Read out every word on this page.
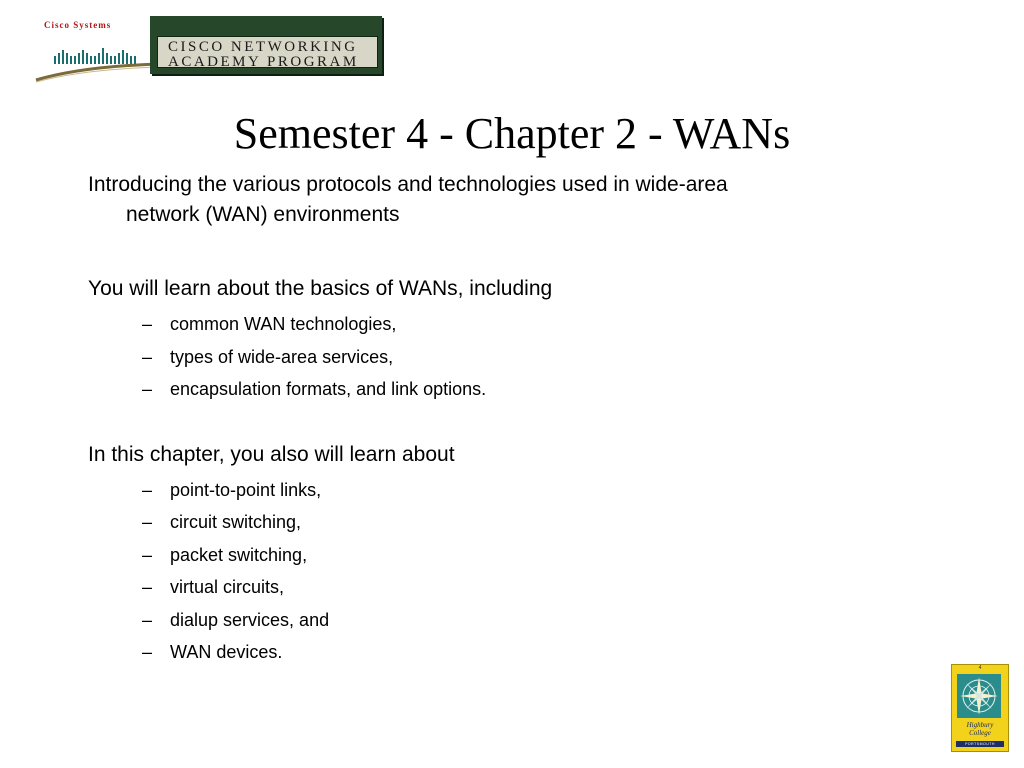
Cisco Systems
CISCO NETWORKING
ACADEMY PROGRAM
Semester 4 - Chapter 2 - WANs

Introducing the various protocols and technologies used in wide-area
network (WAN) environments

You will learn about the basics of WANs, including

– common WAN technologies,
– types of wide-area services,
– encapsulation formats, and link options.

In this chapter, you also will learn about

– point-to-point links,
– circuit switching,
– packet switching,
– virtual circuits,
– dialup services, and
– WAN devices.
4
Highbury
College
PORTSMOUTH
